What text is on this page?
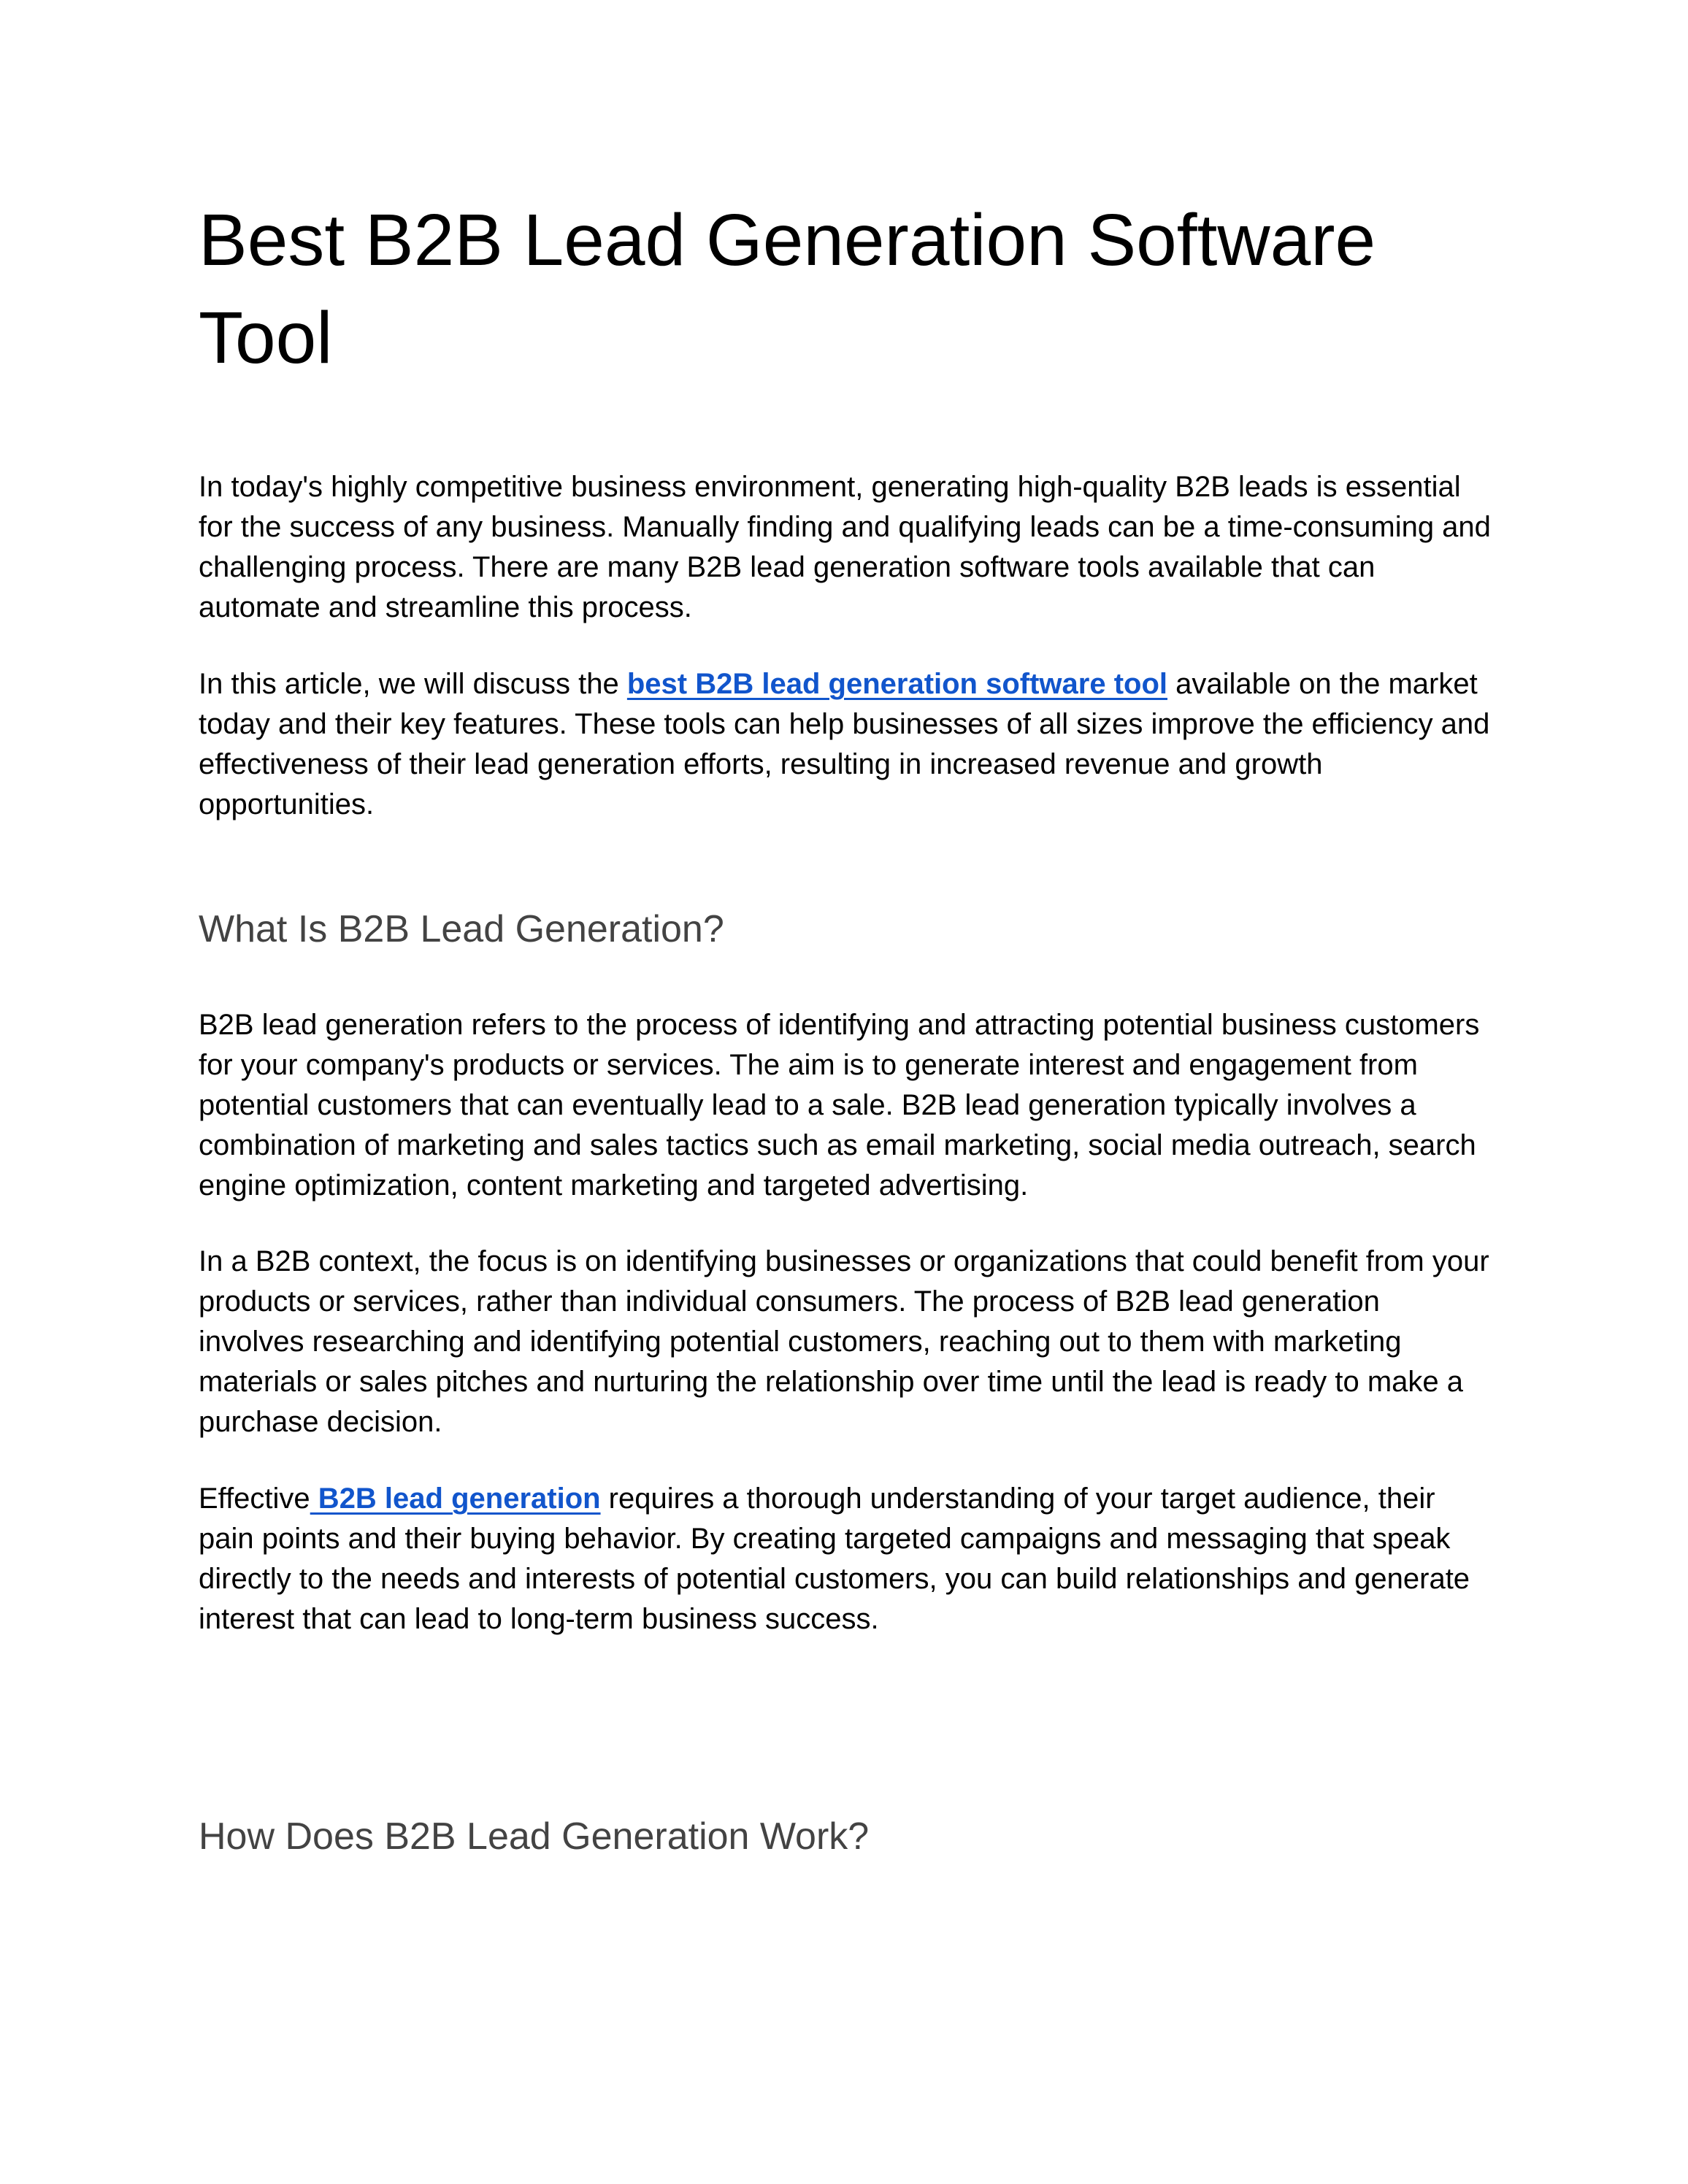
Best B2B Lead Generation Software Tool

In today's highly competitive business environment, generating high-quality B2B leads is essential for the success of any business. Manually finding and qualifying leads can be a time-consuming and challenging process. There are many B2B lead generation software tools available that can automate and streamline this process.

In this article, we will discuss the best B2B lead generation software tool available on the market today and their key features. These tools can help businesses of all sizes improve the efficiency and effectiveness of their lead generation efforts, resulting in increased revenue and growth opportunities.

What Is B2B Lead Generation?

B2B lead generation refers to the process of identifying and attracting potential business customers for your company's products or services. The aim is to generate interest and engagement from potential customers that can eventually lead to a sale. B2B lead generation typically involves a combination of marketing and sales tactics such as email marketing, social media outreach, search engine optimization, content marketing and targeted advertising.

In a B2B context, the focus is on identifying businesses or organizations that could benefit from your products or services, rather than individual consumers. The process of B2B lead generation involves researching and identifying potential customers, reaching out to them with marketing materials or sales pitches and nurturing the relationship over time until the lead is ready to make a purchase decision.

Effective B2B lead generation requires a thorough understanding of your target audience, their pain points and their buying behavior. By creating targeted campaigns and messaging that speak directly to the needs and interests of potential customers, you can build relationships and generate interest that can lead to long-term business success.

How Does B2B Lead Generation Work?
